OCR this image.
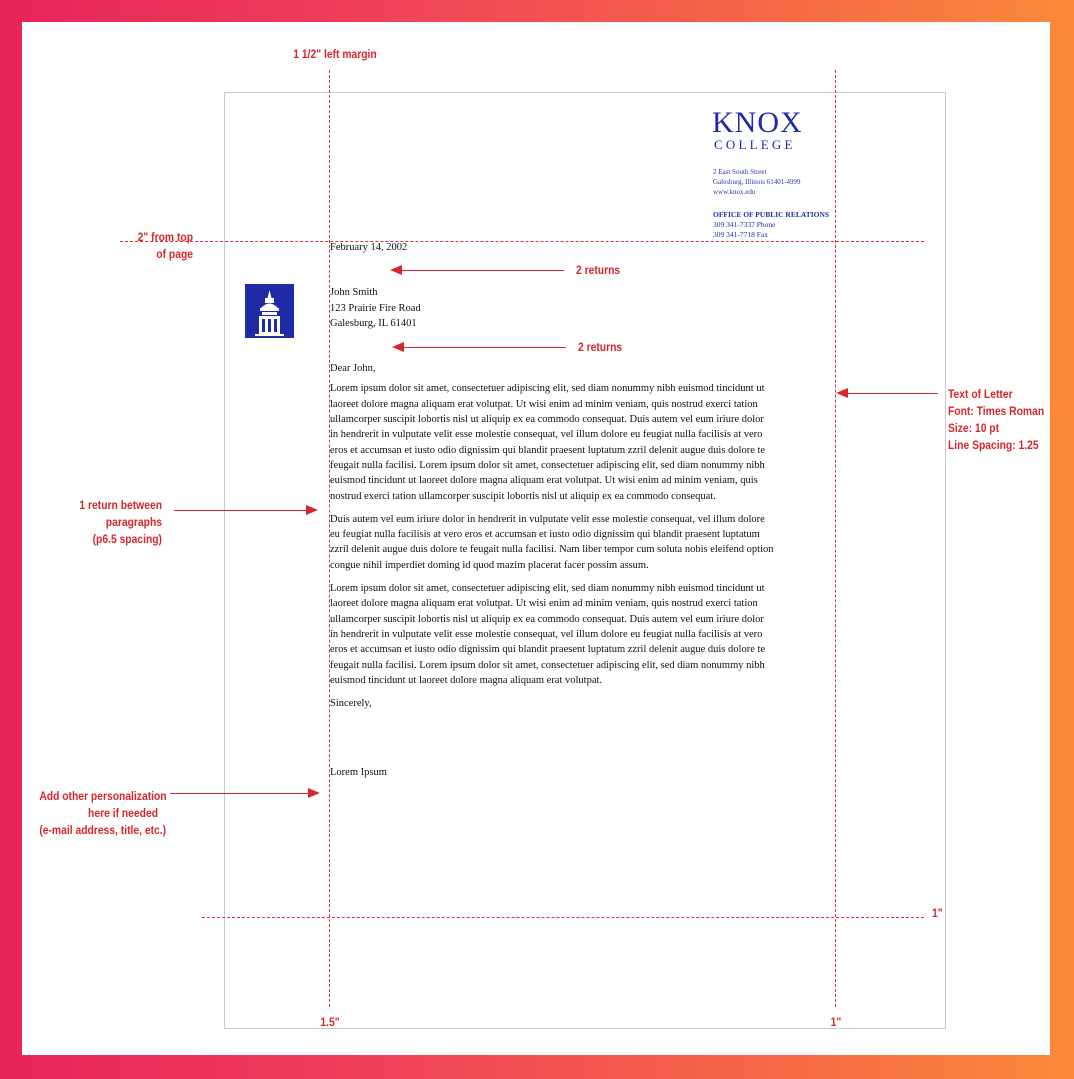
KNOX
COLLEGE
2 East South Street
Galesburg, Illinois 61401-4999
www.knox.edu
OFFICE OF PUBLIC RELATIONS
309 341-7337 Phone
309 341-7718 Fax

February 14, 2002

John Smith

123 Prairie Fire Road

Galesburg, IL 61401

Dear John,

Lorem ipsum dolor sit amet, consectetuer adipiscing elit, sed diam nonummy nibh euismod tincidunt ut
laoreet dolore magna aliquam erat volutpat. Ut wisi enim ad minim veniam, quis nostrud exerci tation
ullamcorper suscipit lobortis nisl ut aliquip ex ea commodo consequat. Duis autem vel eum iriure dolor
in hendrerit in vulputate velit esse molestie consequat, vel illum dolore eu feugiat nulla facilisis at vero
eros et accumsan et iusto odio dignissim qui blandit praesent luptatum zzril delenit augue duis dolore te
feugait nulla facilisi. Lorem ipsum dolor sit amet, consectetuer adipiscing elit, sed diam nonummy nibh
euismod tincidunt ut laoreet dolore magna aliquam erat volutpat. Ut wisi enim ad minim veniam, quis
nostrud exerci tation ullamcorper suscipit lobortis nisl ut aliquip ex ea commodo consequat.

Duis autem vel eum iriure dolor in hendrerit in vulputate velit esse molestie consequat, vel illum dolore
eu feugiat nulla facilisis at vero eros et accumsan et iusto odio dignissim qui blandit praesent luptatum
zzril delenit augue duis dolore te feugait nulla facilisi. Nam liber tempor cum soluta nobis eleifend option
congue nihil imperdiet doming id quod mazim placerat facer possim assum.

Lorem ipsum dolor sit amet, consectetuer adipiscing elit, sed diam nonummy nibh euismod tincidunt ut
laoreet dolore magna aliquam erat volutpat. Ut wisi enim ad minim veniam, quis nostrud exerci tation
ullamcorper suscipit lobortis nisl ut aliquip ex ea commodo consequat. Duis autem vel eum iriure dolor
in hendrerit in vulputate velit esse molestie consequat, vel illum dolore eu feugiat nulla facilisis at vero
eros et accumsan et iusto odio dignissim qui blandit praesent luptatum zzril delenit augue duis dolore te
feugait nulla facilisi. Lorem ipsum dolor sit amet, consectetuer adipiscing elit, sed diam nonummy nibh
euismod tincidunt ut laoreet dolore magna aliquam erat volutpat.

Sincerely,

Lorem Ipsum

1 1/2" left margin
2" from top
of page
2 returns
2 returns
Text of Letter
Font: Times Roman
Size: 10 pt
Line Spacing: 1.25
1 return between
paragraphs
(p6.5 spacing)
Add other personalization
here if needed
(e-mail address, title, etc.)
1"
1.5"	1"
